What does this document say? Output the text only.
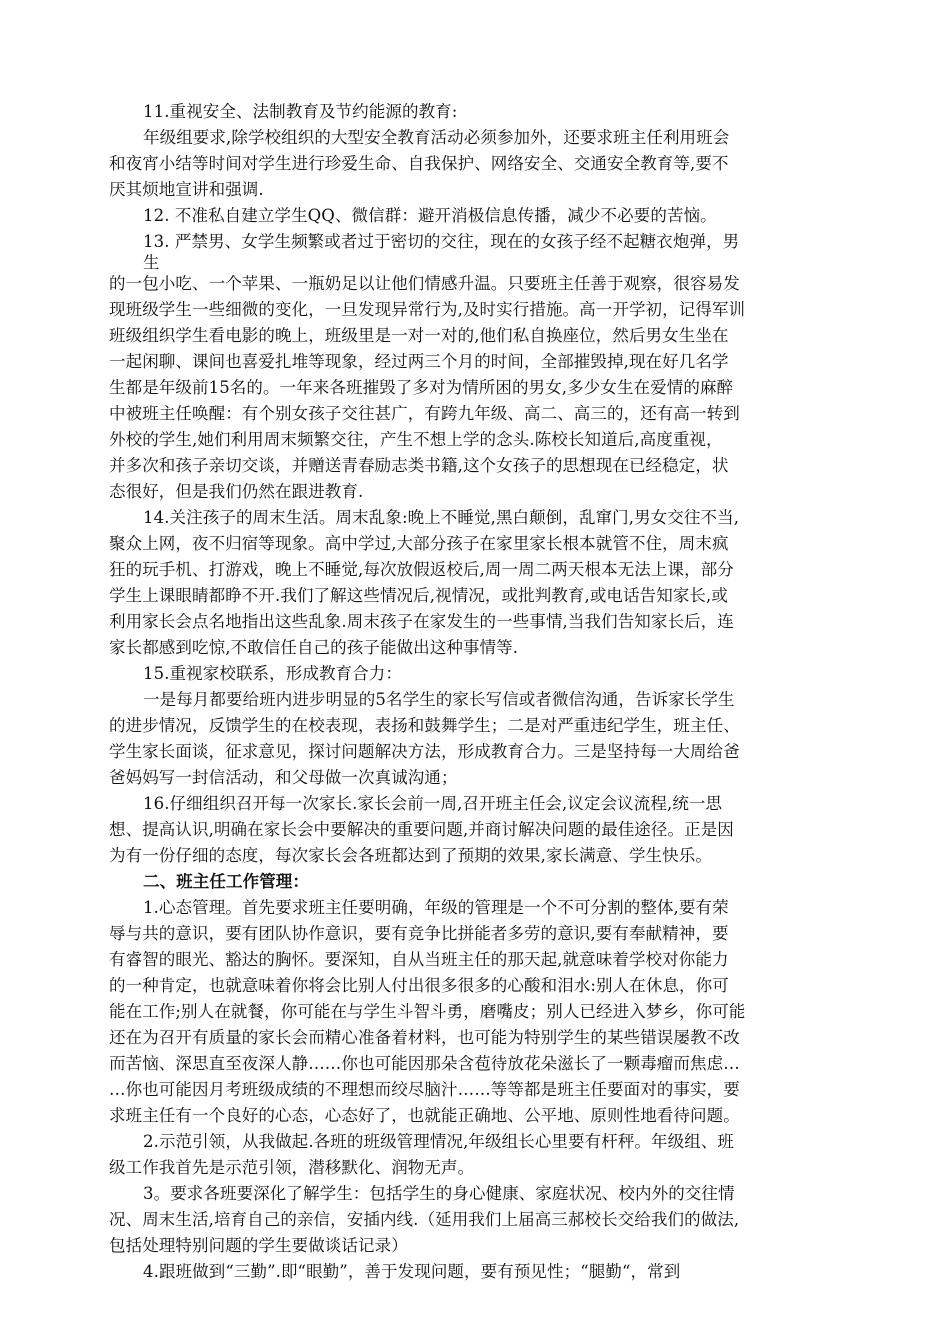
11.重视安全、法制教育及节约能源的教育:
年级组要求,除学校组织的大型安全教育活动必须参加外，还要求班主任利用班会
和夜宵小结等时间对学生进行珍爱生命、自我保护、网络安全、交通安全教育等,要不
厌其烦地宣讲和强调.
12. 不准私自建立学生QQ、微信群：避开消极信息传播，减少不必要的苦恼。
13. 严禁男、女学生频繁或者过于密切的交往，现在的女孩子经不起糖衣炮弹，男
生
的一包小吃、一个苹果、一瓶奶足以让他们情感升温。只要班主任善于观察，很容易发
现班级学生一些细微的变化，一旦发现异常行为,及时实行措施。高一开学初，记得军训
班级组织学生看电影的晚上，班级里是一对一对的,他们私自换座位，然后男女生坐在
一起闲聊、课间也喜爱扎堆等现象，经过两三个月的时间，全部摧毁掉,现在好几名学
生都是年级前15名的。一年来各班摧毁了多对为情所困的男女,多少女生在爱情的麻醉
中被班主任唤醒：有个别女孩子交往甚广，有跨九年级、高二、高三的，还有高一转到
外校的学生,她们利用周末频繁交往，产生不想上学的念头.陈校长知道后,高度重视，
并多次和孩子亲切交谈，并赠送青春励志类书籍,这个女孩子的思想现在已经稳定，状
态很好，但是我们仍然在跟进教育.
14.关注孩子的周末生活。周末乱象:晚上不睡觉,黑白颠倒，乱窜门,男女交往不当,
聚众上网，夜不归宿等现象。高中学过,大部分孩子在家里家长根本就管不住，周末疯
狂的玩手机、打游戏，晚上不睡觉,每次放假返校后,周一周二两天根本无法上课，部分
学生上课眼睛都睁不开.我们了解这些情况后,视情况，或批判教育,或电话告知家长,或
利用家长会点名地指出这些乱象.周末孩子在家发生的一些事情,当我们告知家长后，连
家长都感到吃惊,不敢信任自己的孩子能做出这种事情等.
15.重视家校联系，形成教育合力：
一是每月都要给班内进步明显的5名学生的家长写信或者微信沟通，告诉家长学生
的进步情况，反馈学生的在校表现，表扬和鼓舞学生；二是对严重违纪学生，班主任、
学生家长面谈，征求意见，探讨问题解决方法，形成教育合力。三是坚持每一大周给爸
爸妈妈写一封信活动，和父母做一次真诚沟通；
16.仔细组织召开每一次家长.家长会前一周,召开班主任会,议定会议流程,统一思
想、提高认识,明确在家长会中要解决的重要问题,并商讨解决问题的最佳途径。正是因
为有一份仔细的态度，每次家长会各班都达到了预期的效果,家长满意、学生快乐。
二、班主任工作管理：
1.心态管理。首先要求班主任要明确，年级的管理是一个不可分割的整体,要有荣
辱与共的意识，要有团队协作意识，要有竞争比拼能者多劳的意识,要有奉献精神，要
有睿智的眼光、豁达的胸怀。要深知，自从当班主任的那天起,就意味着学校对你能力
的一种肯定，也就意味着你将会比别人付出很多很多的心酸和泪水:别人在休息，你可
能在工作;别人在就餐，你可能在与学生斗智斗勇，磨嘴皮；别人已经进入梦乡，你可能
还在为召开有质量的家长会而精心准备着材料，也可能为特别学生的某些错误屡教不改
而苦恼、深思直至夜深人静……你也可能因那朵含苞待放花朵滋长了一颗毒瘤而焦虑…
…你也可能因月考班级成绩的不理想而绞尽脑汁……等等都是班主任要面对的事实，要
求班主任有一个良好的心态，心态好了，也就能正确地、公平地、原则性地看待问题。
2.示范引领，从我做起.各班的班级管理情况,年级组长心里要有杆秤。年级组、班
级工作我首先是示范引领，潜移默化、润物无声。
3。要求各班要深化了解学生：包括学生的身心健康、家庭状况、校内外的交往情
况、周末生活,培育自己的亲信，安插内线.（延用我们上届高三郝校长交给我们的做法,
包括处理特别问题的学生要做谈话记录）
4.跟班做到“三勤”.即“眼勤”，善于发现问题，要有预见性；“腿勤“，常到
